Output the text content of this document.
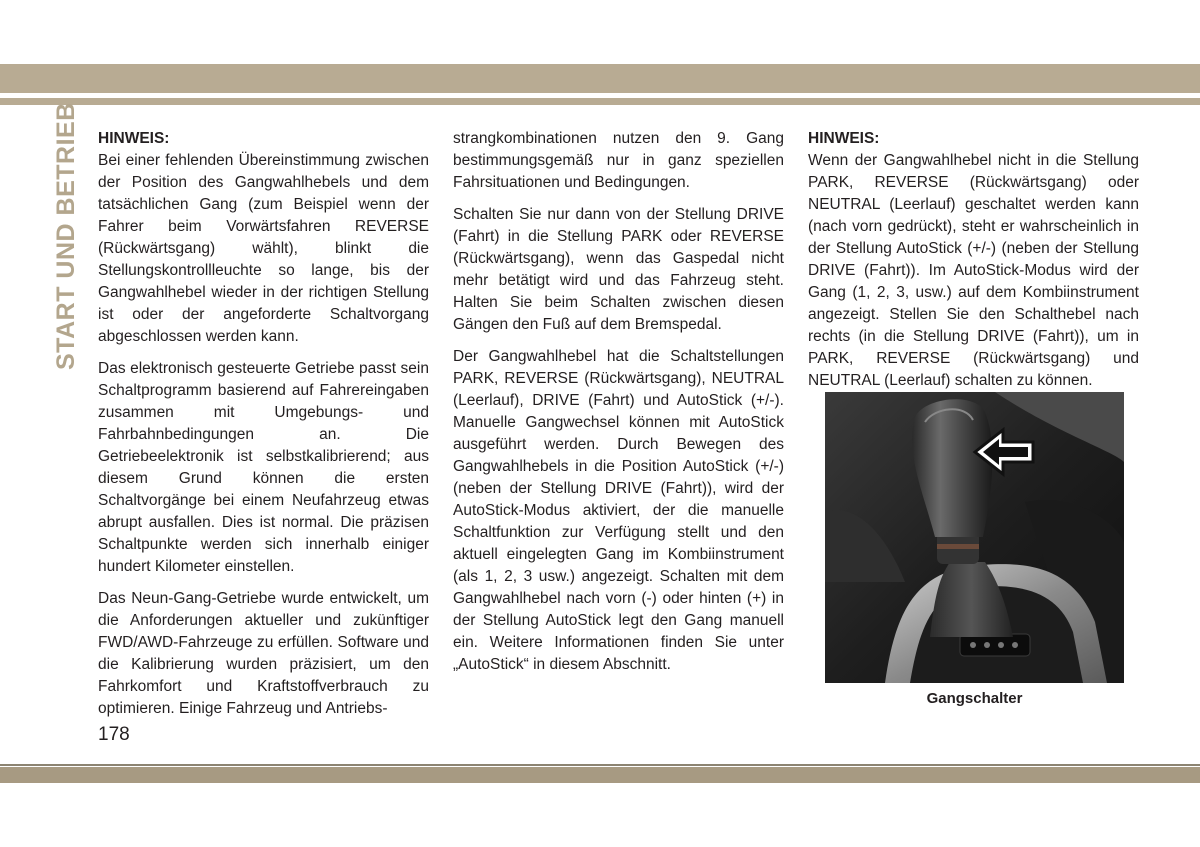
START UND BETRIEB HINWEIS:

Bei einer fehlenden Übereinstimmung zwischen der Position des Gangwahlhebels und dem tatsächlichen Gang (zum Beispiel wenn der Fahrer beim Vorwärtsfahren REVERSE (Rückwärtsgang) wählt), blinkt die Stellungskontrollleuchte so lange, bis der Gangwahlhebel wieder in der richtigen Stellung ist oder der angeforderte Schaltvorgang abgeschlossen werden kann.

Das elektronisch gesteuerte Getriebe passt sein Schaltprogramm basierend auf Fahrereingaben zusammen mit Umgebungs- und Fahrbahnbedingungen an. Die Getriebeelektronik ist selbstkalibrierend; aus diesem Grund können die ersten Schaltvorgänge bei einem Neufahrzeug etwas abrupt ausfallen. Dies ist normal. Die präzisen Schaltpunkte werden sich innerhalb einiger hundert Kilometer einstellen.

Das Neun-Gang-Getriebe wurde entwickelt, um die Anforderungen aktueller und zukünftiger FWD/AWD-Fahrzeuge zu erfüllen. Software und die Kalibrierung wurden präzisiert, um den Fahrkomfort und Kraftstoffverbrauch zu optimieren. Einige Fahrzeug und Antriebs-

strangkombinationen nutzen den 9. Gang bestimmungsgemäß nur in ganz speziellen Fahrsituationen und Bedingungen.

Schalten Sie nur dann von der Stellung DRIVE (Fahrt) in die Stellung PARK oder REVERSE (Rückwärtsgang), wenn das Gaspedal nicht mehr betätigt wird und das Fahrzeug steht. Halten Sie beim Schalten zwischen diesen Gängen den Fuß auf dem Bremspedal.

Der Gangwahlhebel hat die Schaltstellungen PARK, REVERSE (Rückwärtsgang), NEUTRAL (Leerlauf), DRIVE (Fahrt) und AutoStick (+/-). Manuelle Gangwechsel können mit AutoStick ausgeführt werden. Durch Bewegen des Gangwahlhebels in die Position AutoStick (+/-) (neben der Stellung DRIVE (Fahrt)), wird der AutoStick-Modus aktiviert, der die manuelle Schaltfunktion zur Verfügung stellt und den aktuell eingelegten Gang im Kombiinstrument (als 1, 2, 3 usw.) angezeigt. Schalten mit dem Gangwahlhebel nach vorn (-) oder hinten (+) in der Stellung AutoStick legt den Gang manuell ein. Weitere Informationen finden Sie unter „AutoStick“ in diesem Abschnitt.

HINWEIS:

Wenn der Gangwahlhebel nicht in die Stellung PARK, REVERSE (Rückwärtsgang) oder NEUTRAL (Leerlauf) geschaltet werden kann (nach vorn gedrückt), steht er wahrscheinlich in der Stellung AutoStick (+/-) (neben der Stellung DRIVE (Fahrt)). Im AutoStick-Modus wird der Gang (1, 2, 3, usw.) auf dem Kombiinstrument angezeigt. Stellen Sie den Schalthebel nach rechts (in die Stellung DRIVE (Fahrt)), um in PARK, REVERSE (Rückwärtsgang) und NEUTRAL (Leerlauf) schalten zu können.

Gangschalter
178
